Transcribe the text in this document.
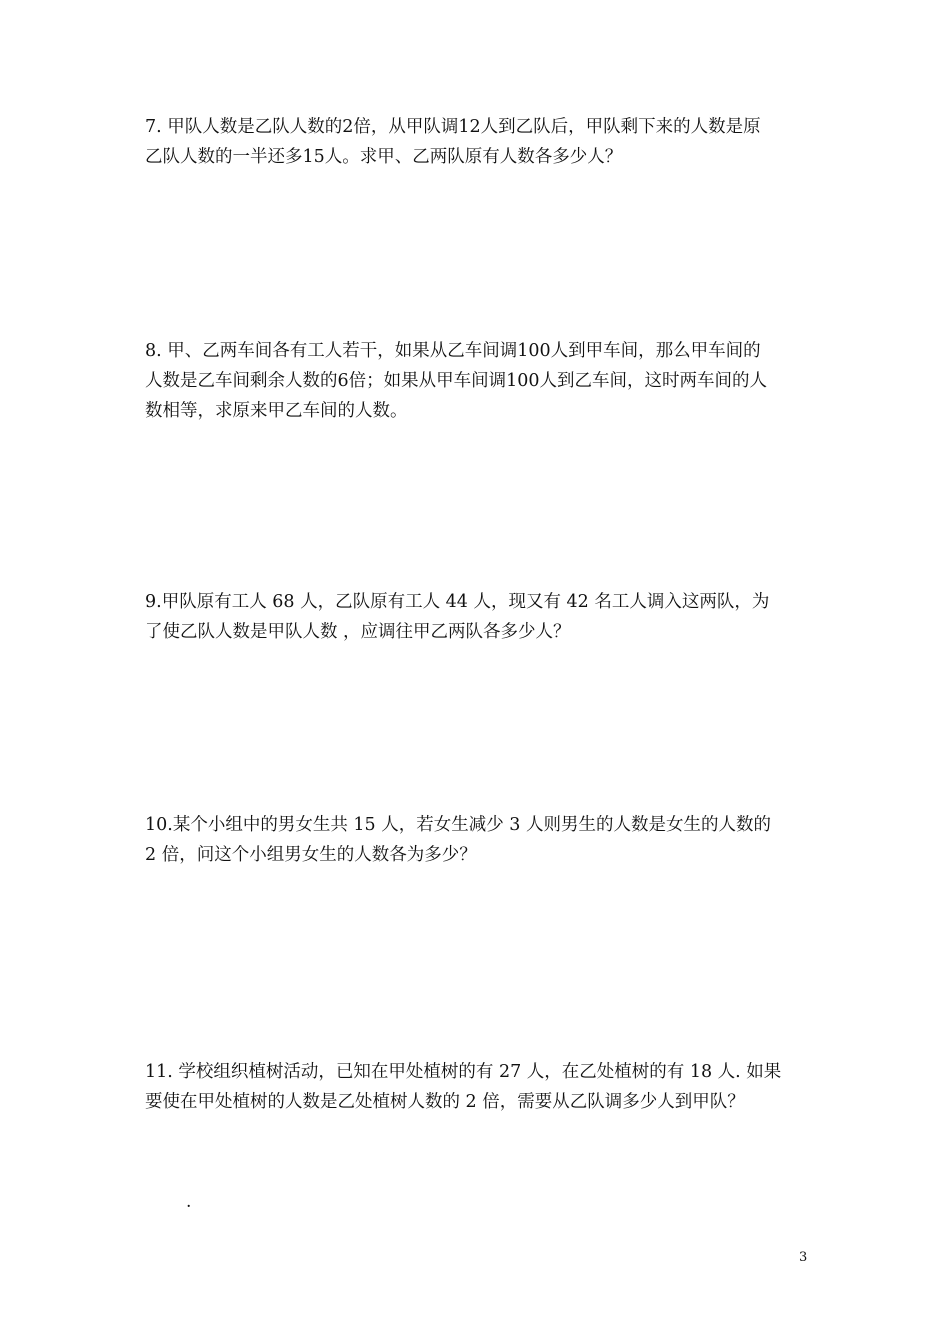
7. 甲队人数是乙队人数的2倍，从甲队调12人到乙队后，甲队剩下来的人数是原

乙队人数的一半还多15人。求甲、乙两队原有人数各多少人？

8. 甲、乙两车间各有工人若干，如果从乙车间调100人到甲车间，那么甲车间的

人数是乙车间剩余人数的6倍；如果从甲车间调100人到乙车间，这时两车间的人

数相等，求原来甲乙车间的人数。

9.甲队原有工人 68 人，乙队原有工人 44 人，现又有 42 名工人调入这两队，为

了使乙队人数是甲队人数 ，应调往甲乙两队各多少人？

10.某个小组中的男女生共 15 人，若女生减少 3 人则男生的人数是女生的人数的

2 倍，问这个小组男女生的人数各为多少？

11. 学校组织植树活动，已知在甲处植树的有 27 人，在乙处植树的有 18 人. 如果

要使在甲处植树的人数是乙处植树人数的 2 倍，需要从乙队调多少人到甲队？

.
3
